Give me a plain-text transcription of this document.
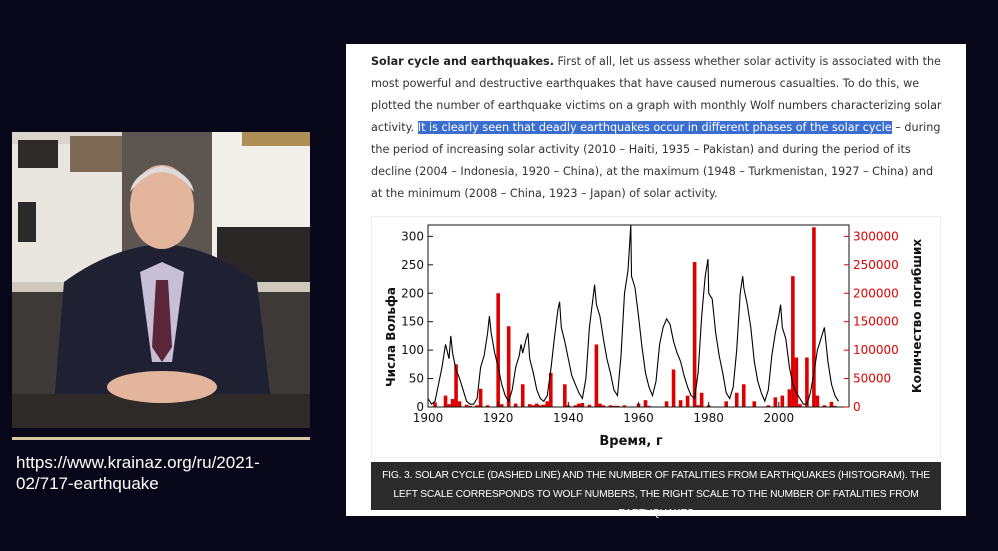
https://www.krainaz.org/ru/2021-02/717-earthquake
Solar cycle and earthquakes. First of all, let us assess whether solar activity is associated with the most powerful and destructive earthquakes that have caused numerous casualties. To do this, we plotted the number of earthquake victims on a graph with monthly Wolf numbers characterizing solar activity. It is clearly seen that deadly earthquakes occur in different phases of the solar cycle – during the period of increasing solar activity (2010 – Haiti, 1935 – Pakistan) and during the period of its decline (2004 – Indonesia, 1920 – China), at the maximum (1948 – Turkmenistan, 1927 – China) and at the minimum (2008 – China, 1923 – Japan) of solar activity.
0
50
100
150
200
250
300
0
50000
100000
150000
200000
250000
300000
1900	1920	1940	1960	1980	2000
Числа Вольфа	Количество погибших
Время, г
FIG. 3. SOLAR CYCLE (DASHED LINE) AND THE NUMBER OF FATALITIES FROM EARTHQUAKES (HISTOGRAM). THE LEFT SCALE CORRESPONDS TO WOLF NUMBERS, THE RIGHT SCALE TO THE NUMBER OF FATALITIES FROM EARTHQUAKES
